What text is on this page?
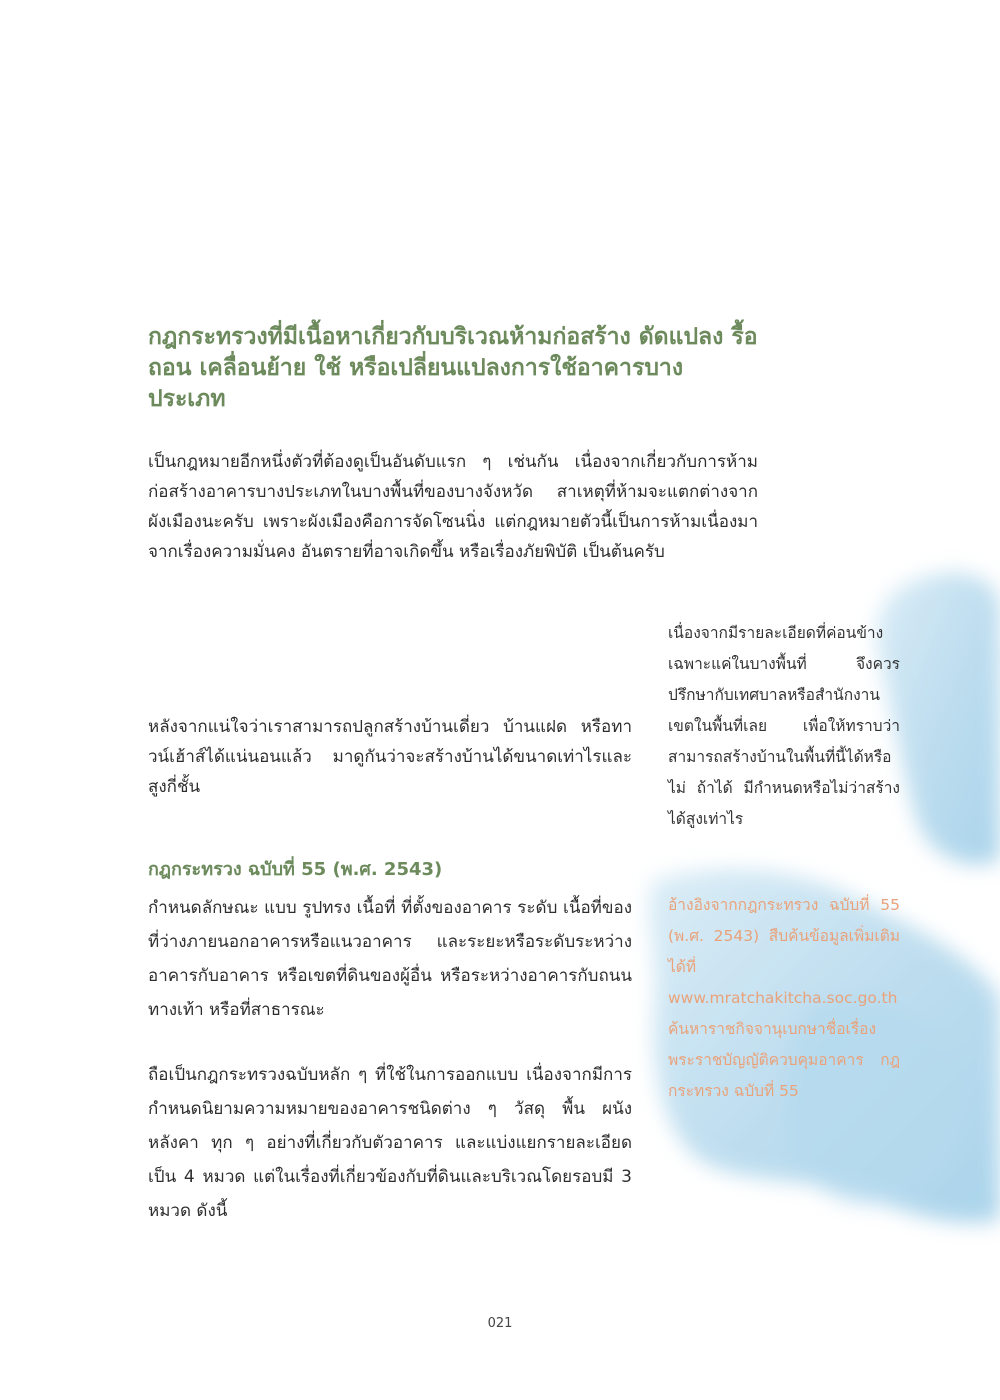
กฎกระทรวงที่มีเนื้อหาเกี่ยวกับบริเวณห้ามก่อสร้าง ดัดแปลง รื้อถอน เคลื่อนย้าย ใช้ หรือเปลี่ยนแปลงการใช้อาคารบางประเภท

เป็นกฎหมายอีกหนึ่งตัวที่ต้องดูเป็นอันดับแรก ๆ เช่นกัน เนื่องจากเกี่ยวกับการห้ามก่อสร้างอาคารบางประเภทในบางพื้นที่ของบางจังหวัด สาเหตุที่ห้ามจะแตกต่างจากผังเมืองนะครับ เพราะผังเมืองคือการจัดโซนนิ่ง แต่กฎหมายตัวนี้เป็นการห้ามเนื่องมาจากเรื่องความมั่นคง อันตรายที่อาจเกิดขึ้น หรือเรื่องภัยพิบัติ เป็นต้นครับ

เนื่องจากมีรายละเอียดที่ค่อนข้างเฉพาะแค่ในบางพื้นที่ จึงควรปรึกษากับเทศบาลหรือสำนักงานเขตในพื้นที่เลย เพื่อให้ทราบว่าสามารถสร้างบ้านในพื้นที่นี้ได้หรือไม่ ถ้าได้ มีกำหนดหรือไม่ว่าสร้างได้สูงเท่าไร

หลังจากแน่ใจว่าเราสามารถปลูกสร้างบ้านเดี่ยว บ้านแฝด หรือทาวน์เฮ้าส์ได้แน่นอนแล้ว มาดูกันว่าจะสร้างบ้านได้ขนาดเท่าไรและสูงกี่ชั้น

กฎกระทรวง ฉบับที่ 55 (พ.ศ. 2543)

กำหนดลักษณะ แบบ รูปทรง เนื้อที่ ที่ตั้งของอาคาร ระดับ เนื้อที่ของที่ว่างภายนอกอาคารหรือแนวอาคาร และระยะหรือระดับระหว่างอาคารกับอาคาร หรือเขตที่ดินของผู้อื่น หรือระหว่างอาคารกับถนน ทางเท้า หรือที่สาธารณะ

อ้างอิงจากกฎกระทรวง ฉบับที่ 55 (พ.ศ. 2543) สืบค้นข้อมูลเพิ่มเติมได้ที่ www.mratchakitcha.soc.go.th ค้นหาราชกิจจานุเบกษาชื่อเรื่อง พระราชบัญญัติควบคุมอาคาร กฎกระทรวง ฉบับที่ 55

ถือเป็นกฎกระทรวงฉบับหลัก ๆ ที่ใช้ในการออกแบบ เนื่องจากมีการกำหนดนิยามความหมายของอาคารชนิดต่าง ๆ วัสดุ พื้น ผนัง หลังคา ทุก ๆ อย่างที่เกี่ยวกับตัวอาคาร และแบ่งแยกรายละเอียดเป็น 4 หมวด แต่ในเรื่องที่เกี่ยวข้องกับที่ดินและบริเวณโดยรอบมี 3 หมวด ดังนี้

021
